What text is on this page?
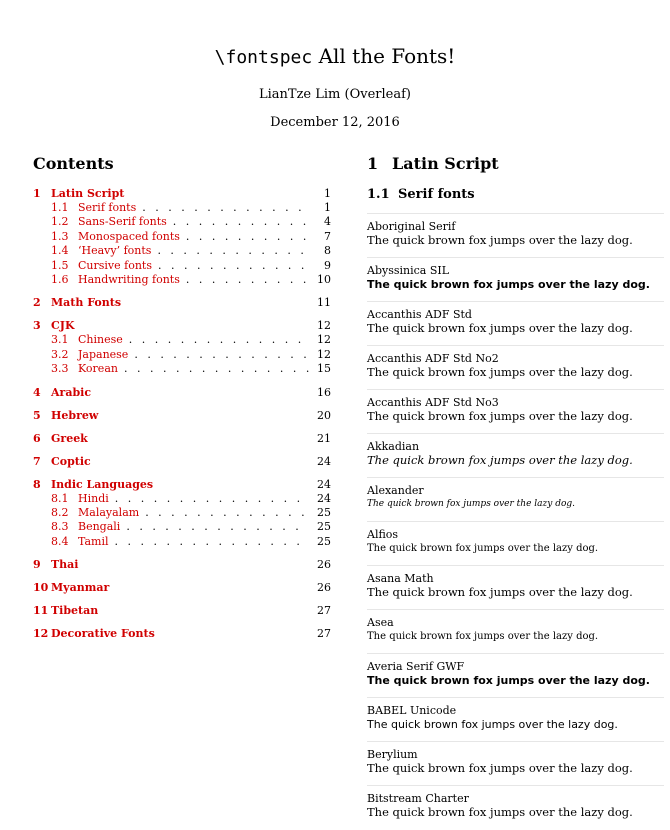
\fontspec All the Fonts!
LianTze Lim (Overleaf)
December 12, 2016
Contents
1 Latin Script	1
1.1 Serif fonts . . .	1
1.2 Sans-Serif fonts . . .	4
1.3 Monospaced fonts . . .	7
1.4 ‘Heavy’ fonts . . .	8
1.5 Cursive fonts . . .	9
1.6 Handwriting fonts . . .	10
2 Math Fonts	11
3 CJK	12
3.1 Chinese . . .	12
3.2 Japanese . . .	12
3.3 Korean . . .	15
4 Arabic	16
5 Hebrew	20
6 Greek	21
7 Coptic	24
8 Indic Languages	24
8.1 Hindi . . .	24
8.2 Malayalam . . .	25
8.3 Bengali . . .	25
8.4 Tamil . . .	25
9 Thai	26
10 Myanmar	26
11 Tibetan	27
12 Decorative Fonts	27
1 Latin Script
1.1 Serif fonts
Aboriginal Serif
The quick brown fox jumps over the lazy dog.
Abyssinica SIL
The quick brown fox jumps over the lazy dog.
Accanthis ADF Std
The quick brown fox jumps over the lazy dog.
Accanthis ADF Std No2
The quick brown fox jumps over the lazy dog.
Accanthis ADF Std No3
The quick brown fox jumps over the lazy dog.
Akkadian
The quick brown fox jumps over the lazy dog.
Alexander
The quick brown fox jumps over the lazy dog.
Alfios
The quick brown fox jumps over the lazy dog.
Asana Math
The quick brown fox jumps over the lazy dog.
Asea
The quick brown fox jumps over the lazy dog.
Averia Serif GWF
The quick brown fox jumps over the lazy dog.
BABEL Unicode
The quick brown fox jumps over the lazy dog.
Berylium
The quick brown fox jumps over the lazy dog.
Bitstream Charter
The quick brown fox jumps over the lazy dog.
